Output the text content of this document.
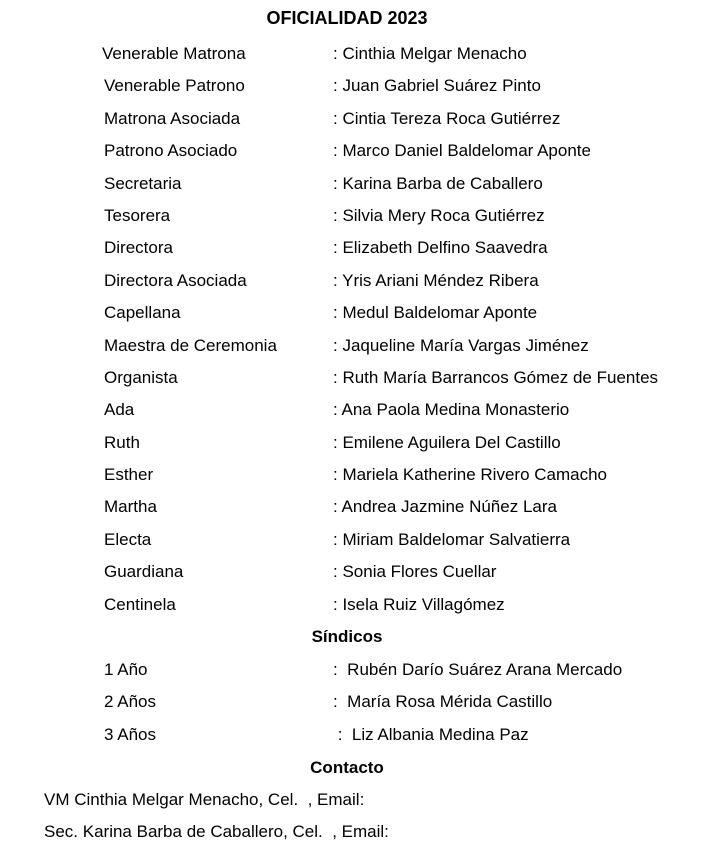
OFICIALIDAD 2023
Venerable Matrona	: Cinthia Melgar Menacho
Venerable Patrono	: Juan Gabriel Suárez Pinto
Matrona Asociada	: Cintia Tereza Roca Gutiérrez
Patrono Asociado	: Marco Daniel Baldelomar Aponte
Secretaria	: Karina Barba de Caballero
Tesorera	: Silvia Mery Roca Gutiérrez
Directora	: Elizabeth Delfino Saavedra
Directora Asociada	: Yris Ariani Méndez Ribera
Capellana	: Medul Baldelomar Aponte
Maestra de Ceremonia	: Jaqueline María Vargas Jiménez
Organista	: Ruth María Barrancos Gómez de Fuentes
Ada	: Ana Paola Medina Monasterio
Ruth	: Emilene Aguilera Del Castillo
Esther	: Mariela Katherine Rivero Camacho
Martha	: Andrea Jazmine Núñez Lara
Electa	: Miriam Baldelomar Salvatierra
Guardiana	: Sonia Flores Cuellar
Centinela	: Isela Ruiz Villagómez
Síndicos
1 Año	:  Rubén Darío Suárez Arana Mercado
2 Años	:  María Rosa Mérida Castillo
3 Años	:  Liz Albania Medina Paz
Contacto
VM Cinthia Melgar Menacho, Cel.  , Email:
Sec. Karina Barba de Caballero, Cel.  , Email:
